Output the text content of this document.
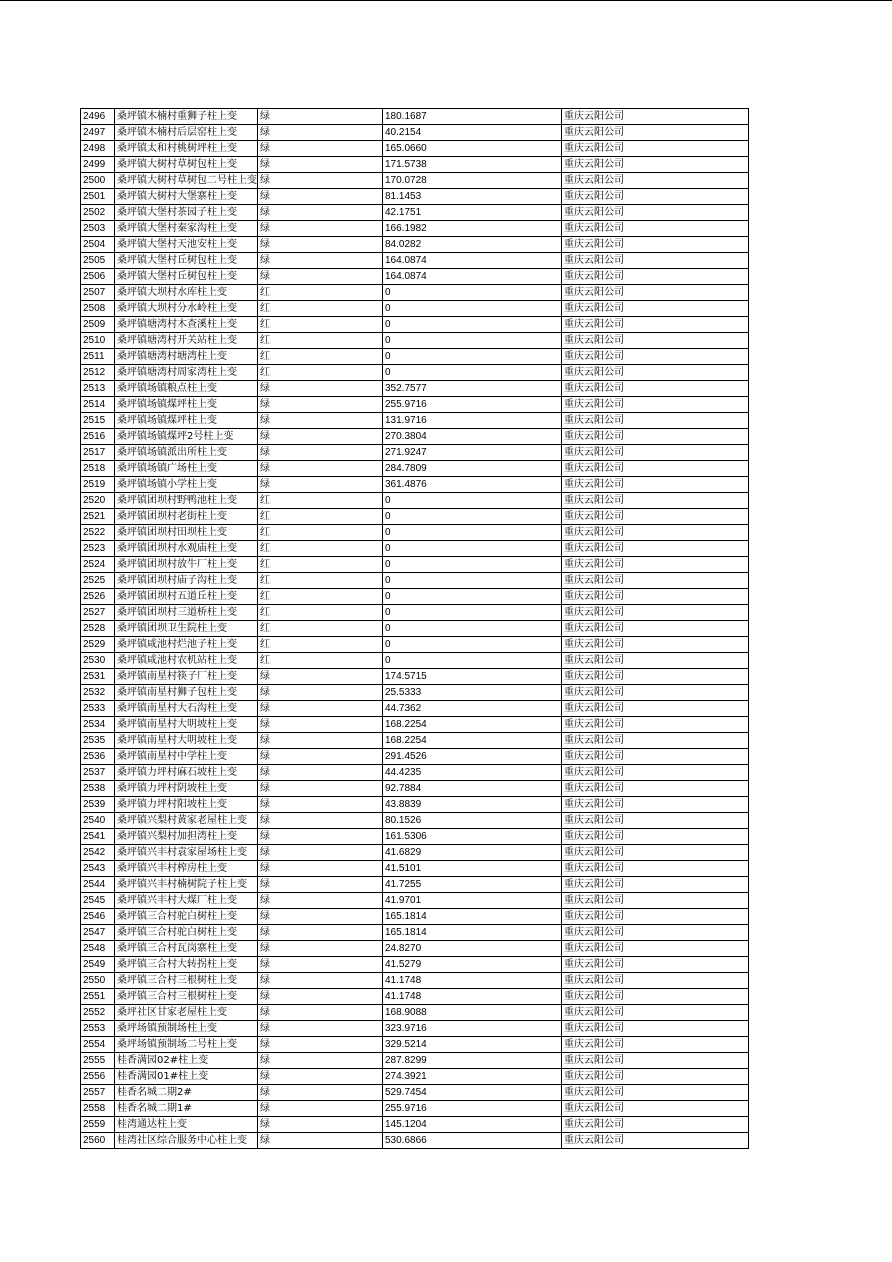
2496	桑坪镇木楠村重狮子柱上变	绿	180.1687	重庆云阳公司
2497	桑坪镇木楠村后层窑柱上变	绿	40.2154	重庆云阳公司
2498	桑坪镇太和村桃树坪柱上变	绿	165.0660	重庆云阳公司
2499	桑坪镇大树村草树包柱上变	绿	171.5738	重庆云阳公司
2500	桑坪镇大树村草树包二号柱上变	绿	170.0728	重庆云阳公司
2501	桑坪镇大树村大堡寨柱上变	绿	81.1453	重庆云阳公司
2502	桑坪镇大堡村茶园子柱上变	绿	42.1751	重庆云阳公司
2503	桑坪镇大堡村秦家沟柱上变	绿	166.1982	重庆云阳公司
2504	桑坪镇大堡村天池安柱上变	绿	84.0282	重庆云阳公司
2505	桑坪镇大堡村丘树包柱上变	绿	164.0874	重庆云阳公司
2506	桑坪镇大堡村丘树包柱上变	绿	164.0874	重庆云阳公司
2507	桑坪镇大坝村水库柱上变	红	0	重庆云阳公司
2508	桑坪镇大坝村分水岭柱上变	红	0	重庆云阳公司
2509	桑坪镇塘湾村木查溪柱上变	红	0	重庆云阳公司
2510	桑坪镇塘湾村开关站柱上变	红	0	重庆云阳公司
2511	桑坪镇塘湾村塘湾柱上变	红	0	重庆云阳公司
2512	桑坪镇塘湾村周家湾柱上变	红	0	重庆云阳公司
2513	桑坪镇场镇粮点柱上变	绿	352.7577	重庆云阳公司
2514	桑坪镇场镇煤坪柱上变	绿	255.9716	重庆云阳公司
2515	桑坪镇场镇煤坪柱上变	绿	131.9716	重庆云阳公司
2516	桑坪镇场镇煤坪2号柱上变	绿	270.3804	重庆云阳公司
2517	桑坪镇场镇派出所柱上变	绿	271.9247	重庆云阳公司
2518	桑坪镇场镇广场柱上变	绿	284.7809	重庆云阳公司
2519	桑坪镇场镇小学柱上变	绿	361.4876	重庆云阳公司
2520	桑坪镇团坝村野鸭池柱上变	红	0	重庆云阳公司
2521	桑坪镇团坝村老街柱上变	红	0	重庆云阳公司
2522	桑坪镇团坝村田坝柱上变	红	0	重庆云阳公司
2523	桑坪镇团坝村水观庙柱上变	红	0	重庆云阳公司
2524	桑坪镇团坝村放牛厂柱上变	红	0	重庆云阳公司
2525	桑坪镇团坝村庙子沟柱上变	红	0	重庆云阳公司
2526	桑坪镇团坝村五道丘柱上变	红	0	重庆云阳公司
2527	桑坪镇团坝村三道桥柱上变	红	0	重庆云阳公司
2528	桑坪镇团坝卫生院柱上变	红	0	重庆云阳公司
2529	桑坪镇咸池村烂池子柱上变	红	0	重庆云阳公司
2530	桑坪镇咸池村农机站柱上变	红	0	重庆云阳公司
2531	桑坪镇南星村筷子厂柱上变	绿	174.5715	重庆云阳公司
2532	桑坪镇南星村狮子包柱上变	绿	25.5333	重庆云阳公司
2533	桑坪镇南星村大石沟柱上变	绿	44.7362	重庆云阳公司
2534	桑坪镇南星村大明坡柱上变	绿	168.2254	重庆云阳公司
2535	桑坪镇南星村大明坡柱上变	绿	168.2254	重庆云阳公司
2536	桑坪镇南星村中学柱上变	绿	291.4526	重庆云阳公司
2537	桑坪镇力坪村麻石坡柱上变	绿	44.4235	重庆云阳公司
2538	桑坪镇力坪村阴坡柱上变	绿	92.7884	重庆云阳公司
2539	桑坪镇力坪村阳坡柱上变	绿	43.8839	重庆云阳公司
2540	桑坪镇兴梨村黄家老屋柱上变	绿	80.1526	重庆云阳公司
2541	桑坪镇兴梨村加担湾柱上变	绿	161.5306	重庆云阳公司
2542	桑坪镇兴丰村袁家屋场柱上变	绿	41.6829	重庆云阳公司
2543	桑坪镇兴丰村榨房柱上变	绿	41.5101	重庆云阳公司
2544	桑坪镇兴丰村楠树院子柱上变	绿	41.7255	重庆云阳公司
2545	桑坪镇兴丰村大煤厂柱上变	绿	41.9701	重庆云阳公司
2546	桑坪镇三合村驼白树柱上变	绿	165.1814	重庆云阳公司
2547	桑坪镇三合村驼白树柱上变	绿	165.1814	重庆云阳公司
2548	桑坪镇三合村瓦岗寨柱上变	绿	24.8270	重庆云阳公司
2549	桑坪镇三合村大转拐柱上变	绿	41.5279	重庆云阳公司
2550	桑坪镇三合村三根树柱上变	绿	41.1748	重庆云阳公司
2551	桑坪镇三合村三根树柱上变	绿	41.1748	重庆云阳公司
2552	桑坪社区甘家老屋柱上变	绿	168.9088	重庆云阳公司
2553	桑坪场镇预制场柱上变	绿	323.9716	重庆云阳公司
2554	桑坪场镇预制场二号柱上变	绿	329.5214	重庆云阳公司
2555	桂香满园02#柱上变	绿	287.8299	重庆云阳公司
2556	桂香满园01#柱上变	绿	274.3921	重庆云阳公司
2557	桂香名城二期2#	绿	529.7454	重庆云阳公司
2558	桂香名城二期1#	绿	255.9716	重庆云阳公司
2559	桂湾通达柱上变	绿	145.1204	重庆云阳公司
2560	桂湾社区综合服务中心柱上变	绿	530.6866	重庆云阳公司
